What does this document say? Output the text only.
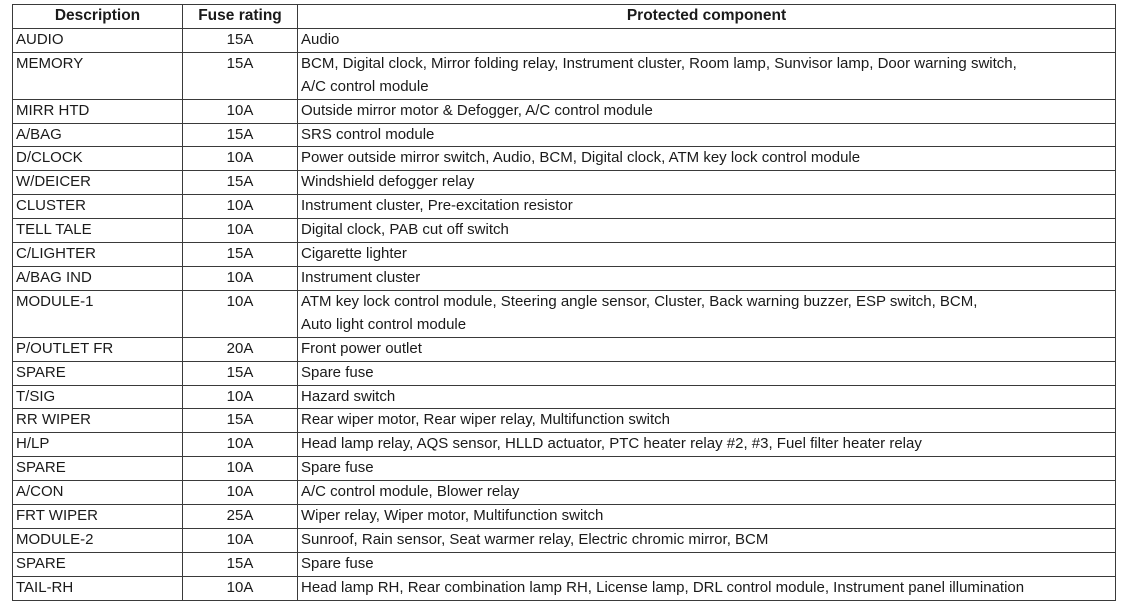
Description	Fuse rating	Protected component
AUDIO	15A	Audio

MEMORY	15A	BCM, Digital clock, Mirror folding relay, Instrument cluster, Room lamp, Sunvisor lamp, Door warning switch,
A/C control module

MIRR HTD	10A	Outside mirror motor & Defogger, A/C control module

A/BAG	15A	SRS control module

D/CLOCK	10A	Power outside mirror switch, Audio, BCM, Digital clock, ATM key lock control module

W/DEICER	15A	Windshield defogger relay

CLUSTER	10A	Instrument cluster, Pre-excitation resistor

TELL TALE	10A	Digital clock, PAB cut off switch

C/LIGHTER	15A	Cigarette lighter

A/BAG IND	10A	Instrument cluster

MODULE-1	10A	ATM key lock control module, Steering angle sensor, Cluster, Back warning buzzer, ESP switch, BCM,
Auto light control module

P/OUTLET FR	20A	Front power outlet

SPARE	15A	Spare fuse

T/SIG	10A	Hazard switch

RR WIPER	15A	Rear wiper motor, Rear wiper relay, Multifunction switch

H/LP	10A	Head lamp relay, AQS sensor, HLLD actuator, PTC heater relay #2, #3, Fuel filter heater relay

SPARE	10A	Spare fuse

A/CON	10A	A/C control module, Blower relay

FRT WIPER	25A	Wiper relay, Wiper motor, Multifunction switch

MODULE-2	10A	Sunroof, Rain sensor, Seat warmer relay, Electric chromic mirror, BCM

SPARE	15A	Spare fuse

TAIL-RH	10A	Head lamp RH, Rear combination lamp RH, License lamp, DRL control module, Instrument panel illumination
